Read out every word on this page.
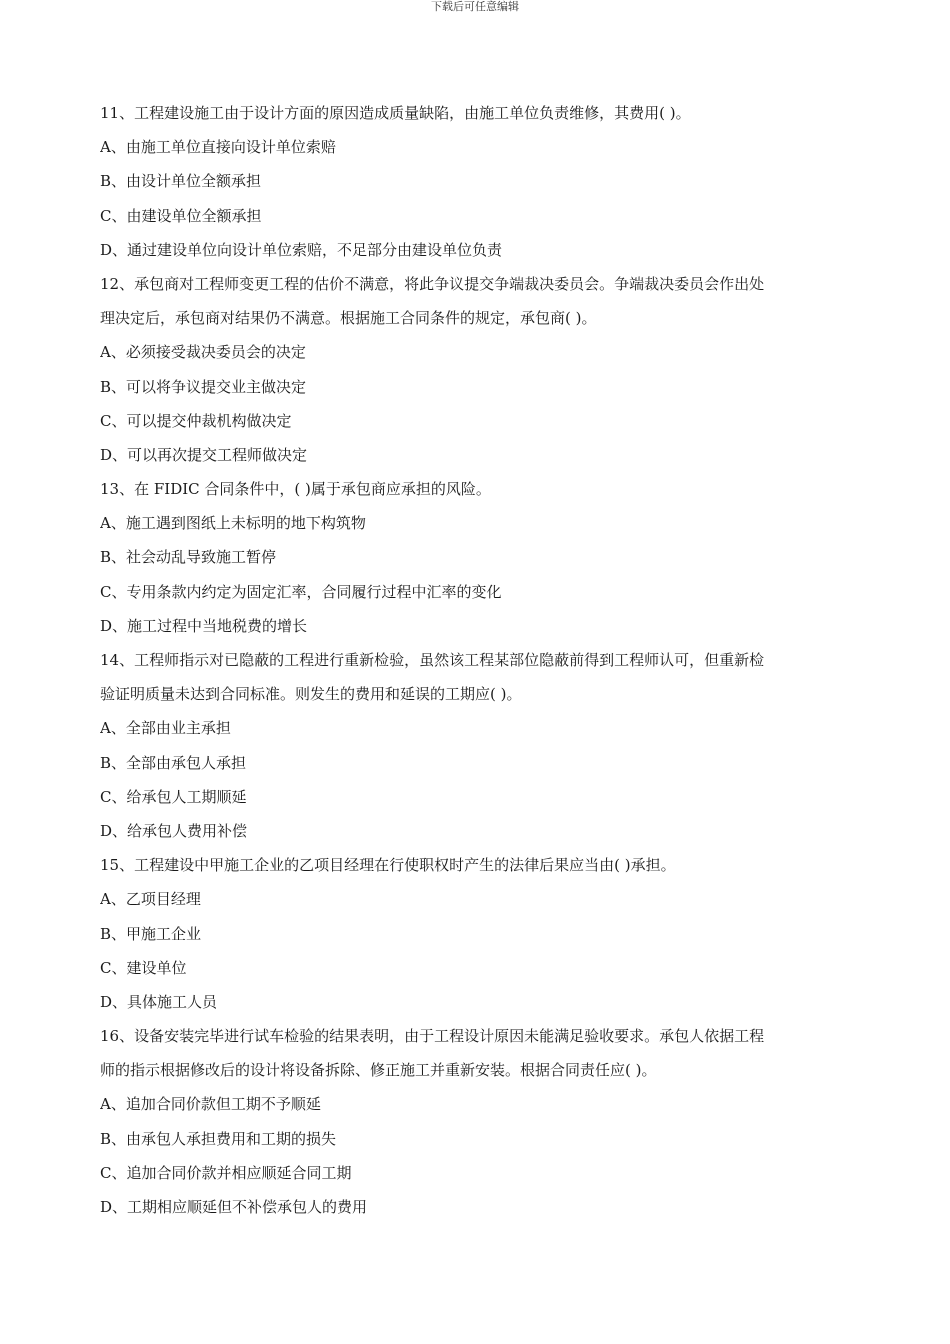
下载后可任意编辑
11、工程建设施工由于设计方面的原因造成质量缺陷，由施工单位负责维修，其费用( )。
A、由施工单位直接向设计单位索赔
B、由设计单位全额承担
C、由建设单位全额承担
D、通过建设单位向设计单位索赔，不足部分由建设单位负责
12、承包商对工程师变更工程的估价不满意，将此争议提交争端裁决委员会。争端裁决委员会作出处
理决定后，承包商对结果仍不满意。根据施工合同条件的规定，承包商( )。
A、必须接受裁决委员会的决定
B、可以将争议提交业主做决定
C、可以提交仲裁机构做决定
D、可以再次提交工程师做决定
13、在 FIDIC 合同条件中，( )属于承包商应承担的风险。
A、施工遇到图纸上未标明的地下构筑物
B、社会动乱导致施工暂停
C、专用条款内约定为固定汇率，合同履行过程中汇率的变化
D、施工过程中当地税费的增长
14、工程师指示对已隐蔽的工程进行重新检验，虽然该工程某部位隐蔽前得到工程师认可，但重新检
验证明质量未达到合同标准。则发生的费用和延误的工期应( )。
A、全部由业主承担
B、全部由承包人承担
C、给承包人工期顺延
D、给承包人费用补偿
15、工程建设中甲施工企业的乙项目经理在行使职权时产生的法律后果应当由( )承担。
A、乙项目经理
B、甲施工企业
C、建设单位
D、具体施工人员
16、设备安装完毕进行试车检验的结果表明，由于工程设计原因未能满足验收要求。承包人依据工程
师的指示根据修改后的设计将设备拆除、修正施工并重新安装。根据合同责任应( )。
A、追加合同价款但工期不予顺延
B、由承包人承担费用和工期的损失
C、追加合同价款并相应顺延合同工期
D、工期相应顺延但不补偿承包人的费用
